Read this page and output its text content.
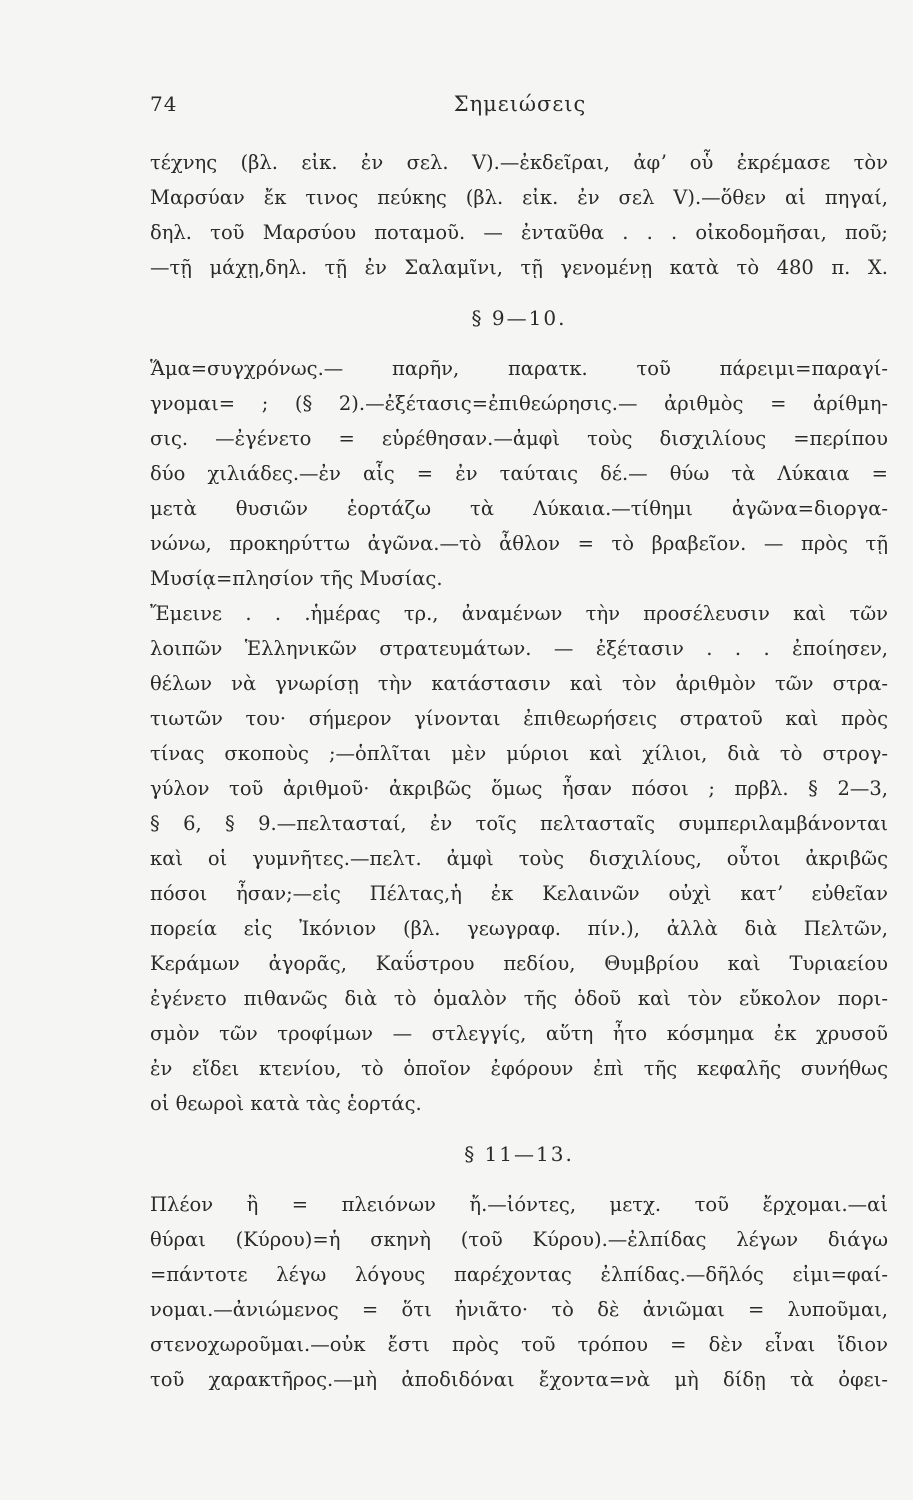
74	Σημειώσεις
τέχνης (βλ. εἰκ. ἐν σελ. V).—ἐκδεῖραι, ἀφʼ οὗ ἐκρέμασε τὸν
Μαρσύαν ἔκ τινος πεύκης (βλ. εἰκ. ἐν σελ V).—ὅθεν αἱ πηγαί,
δηλ. τοῦ Μαρσύου ποταμοῦ. — ἐνταῦθα . . . οἰκοδομῆσαι, ποῦ;
—τῇ μάχῃ,δηλ. τῇ ἐν Σαλαμῖνι, τῇ γενομένῃ κατὰ τὸ 480 π. Χ.
§ 9—10.
Ἅμα=συγχρόνως.— παρῆν, παρατκ. τοῦ πάρειμι=παραγί-
γνομαι= ; (§ 2).—ἐξέτασις=ἐπιθεώρησις.— ἀριθμὸς = ἀρίθμη-
σις. —ἐγένετο = εὑρέθησαν.—ἀμφὶ τοὺς δισχιλίους =περίπου
δύο χιλιάδες.—ἐν αἷς = ἐν ταύταις δέ.— θύω τὰ Λύκαια =
μετὰ θυσιῶν ἑορτάζω τὰ Λύκαια.—τίθημι ἀγῶνα=διοργα-
νώνω, προκηρύττω ἀγῶνα.—τὸ ἆθλον = τὸ βραβεῖον. — πρὸς τῇ
Μυσίᾳ=πλησίον τῆς Μυσίας.
Ἔμεινε . . .ἡμέρας τρ., ἀναμένων τὴν προσέλευσιν καὶ τῶν
λοιπῶν Ἑλληνικῶν στρατευμάτων. — ἐξέτασιν . . . ἐποίησεν,
θέλων νὰ γνωρίσῃ τὴν κατάστασιν καὶ τὸν ἀριθμὸν τῶν στρα-
τιωτῶν του· σήμερον γίνονται ἐπιθεωρήσεις στρατοῦ καὶ πρὸς
τίνας σκοποὺς ;—ὁπλῖται μὲν μύριοι καὶ χίλιοι, διὰ τὸ στρογ-
γύλον τοῦ ἀριθμοῦ· ἀκριβῶς ὅμως ἦσαν πόσοι ; πρβλ. § 2—3,
§ 6, § 9.—πελτασταί, ἐν τοῖς πελτασταῖς συμπεριλαμβάνονται
καὶ οἱ γυμνῆτες.—πελτ. ἀμφὶ τοὺς δισχιλίους, οὗτοι ἀκριβῶς
πόσοι ἦσαν;—εἰς Πέλτας,ἡ ἐκ Κελαινῶν οὐχὶ κατʼ εὐθεῖαν
πορεία εἰς Ἰκόνιον (βλ. γεωγραφ. πίν.), ἀλλὰ διὰ Πελτῶν,
Κεράμων ἀγορᾶς, Καΰστρου πεδίου, Θυμβρίου καὶ Τυριαείου
ἐγένετο πιθανῶς διὰ τὸ ὁμαλὸν τῆς ὁδοῦ καὶ τὸν εὔκολον πορι-
σμὸν τῶν τροφίμων — στλεγγίς, αὕτη ἦτο κόσμημα ἐκ χρυσοῦ
ἐν εἴδει κτενίου, τὸ ὁποῖον ἐφόρουν ἐπὶ τῆς κεφαλῆς συνήθως
οἱ θεωροὶ κατὰ τὰς ἑορτάς.
§ 11—13.
Πλέον ἢ = πλειόνων ἤ.—ἰόντες, μετχ. τοῦ ἔρχομαι.—αἱ
θύραι (Κύρου)=ἡ σκηνὴ (τοῦ Κύρου).—ἐλπίδας λέγων διάγω
=πάντοτε λέγω λόγους παρέχοντας ἐλπίδας.—δῆλός εἰμι=φαί-
νομαι.—ἀνιώμενος = ὅτι ἠνιᾶτο· τὸ δὲ ἀνιῶμαι = λυποῦμαι,
στενοχωροῦμαι.—οὐκ ἔστι πρὸς τοῦ τρόπου = δὲν εἶναι ἴδιον
τοῦ χαρακτῆρος.—μὴ ἀποδιδόναι ἔχοντα=νὰ μὴ δίδῃ τὰ ὀφει-
